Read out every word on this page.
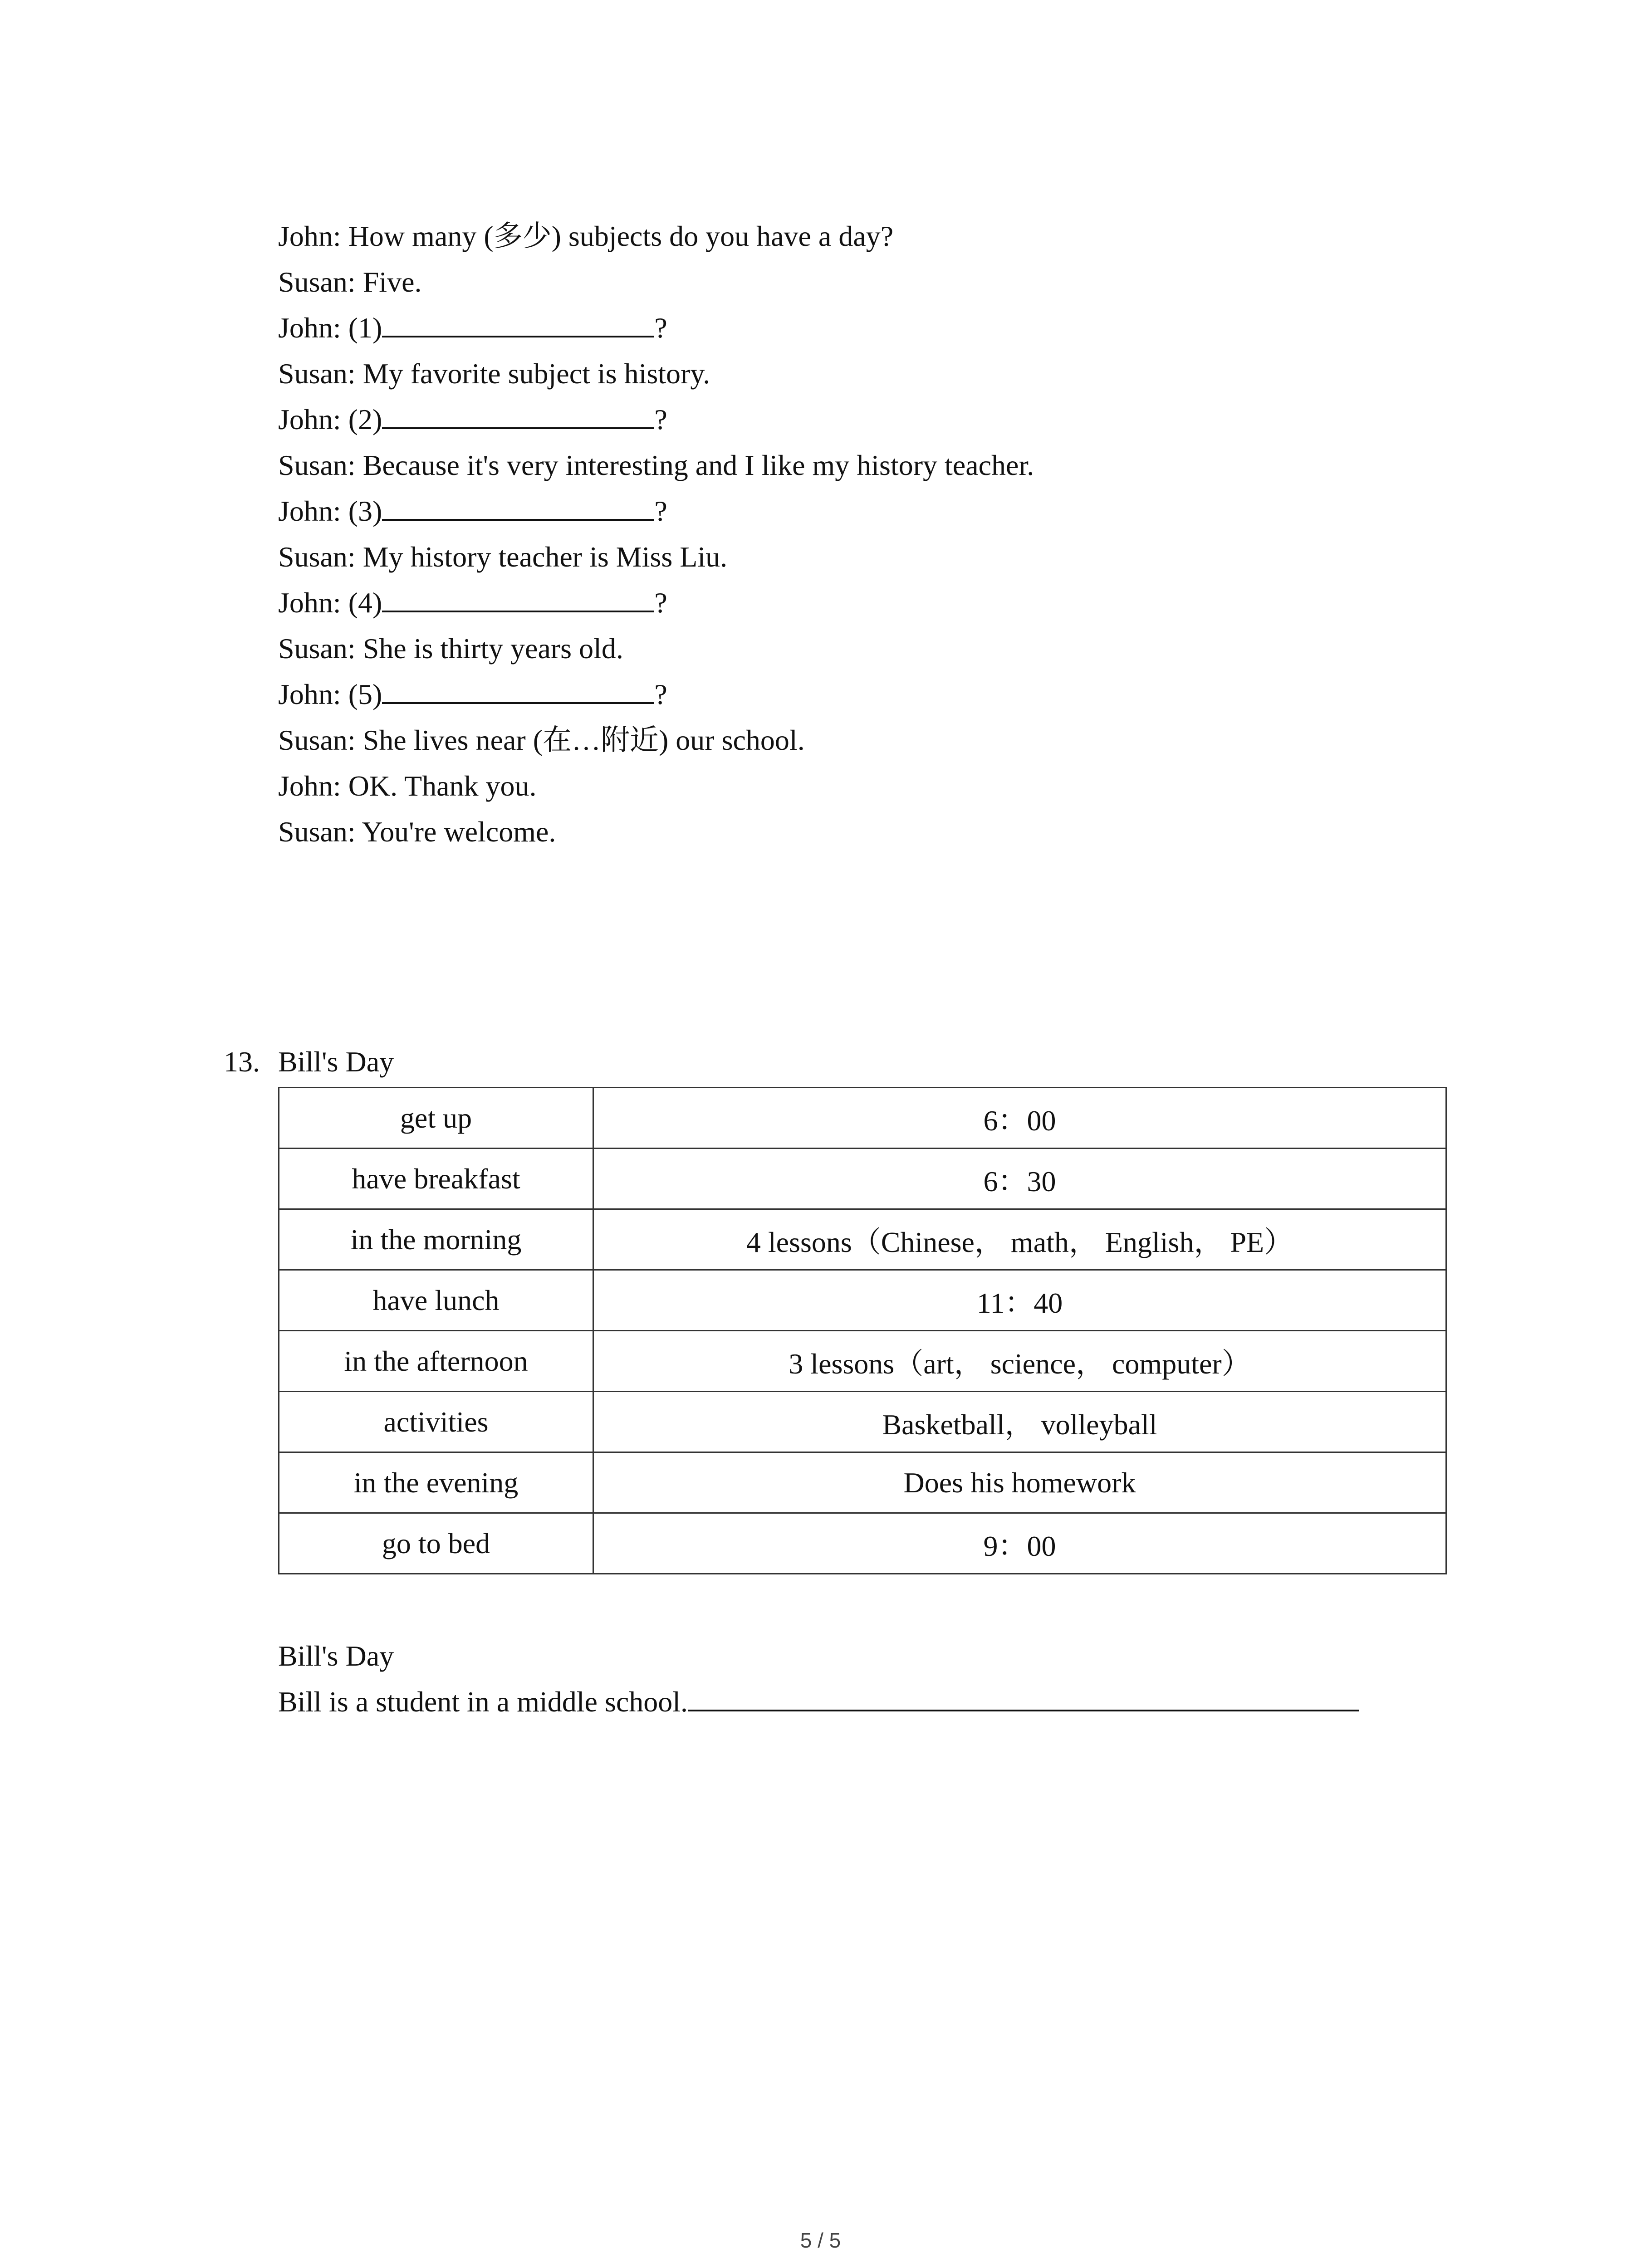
John: How many (多少) subjects do you have a day?
Susan: Five.
John: (1)	?
Susan: My favorite subject is history.
John: (2)	?
Susan: Because it's very interesting and I like my history teacher.
John: (3)	?
Susan: My history teacher is Miss Liu.
John: (4)	?
Susan: She is thirty years old.
John: (5)	?
Susan: She lives near (在…附近) our school.
John: OK. Thank you.
Susan: You're welcome.
13. Bill's Day
get up	6：00
have breakfast	6：30
in the morning	4 lessons（Chinese， math， English， PE）
have lunch	11：40
in the afternoon	3 lessons（art， science， computer）
activities	Basketball， volleyball
in the evening	Does his homework
go to bed	9：00
Bill's Day
Bill is a student in a middle school.
5 / 5
